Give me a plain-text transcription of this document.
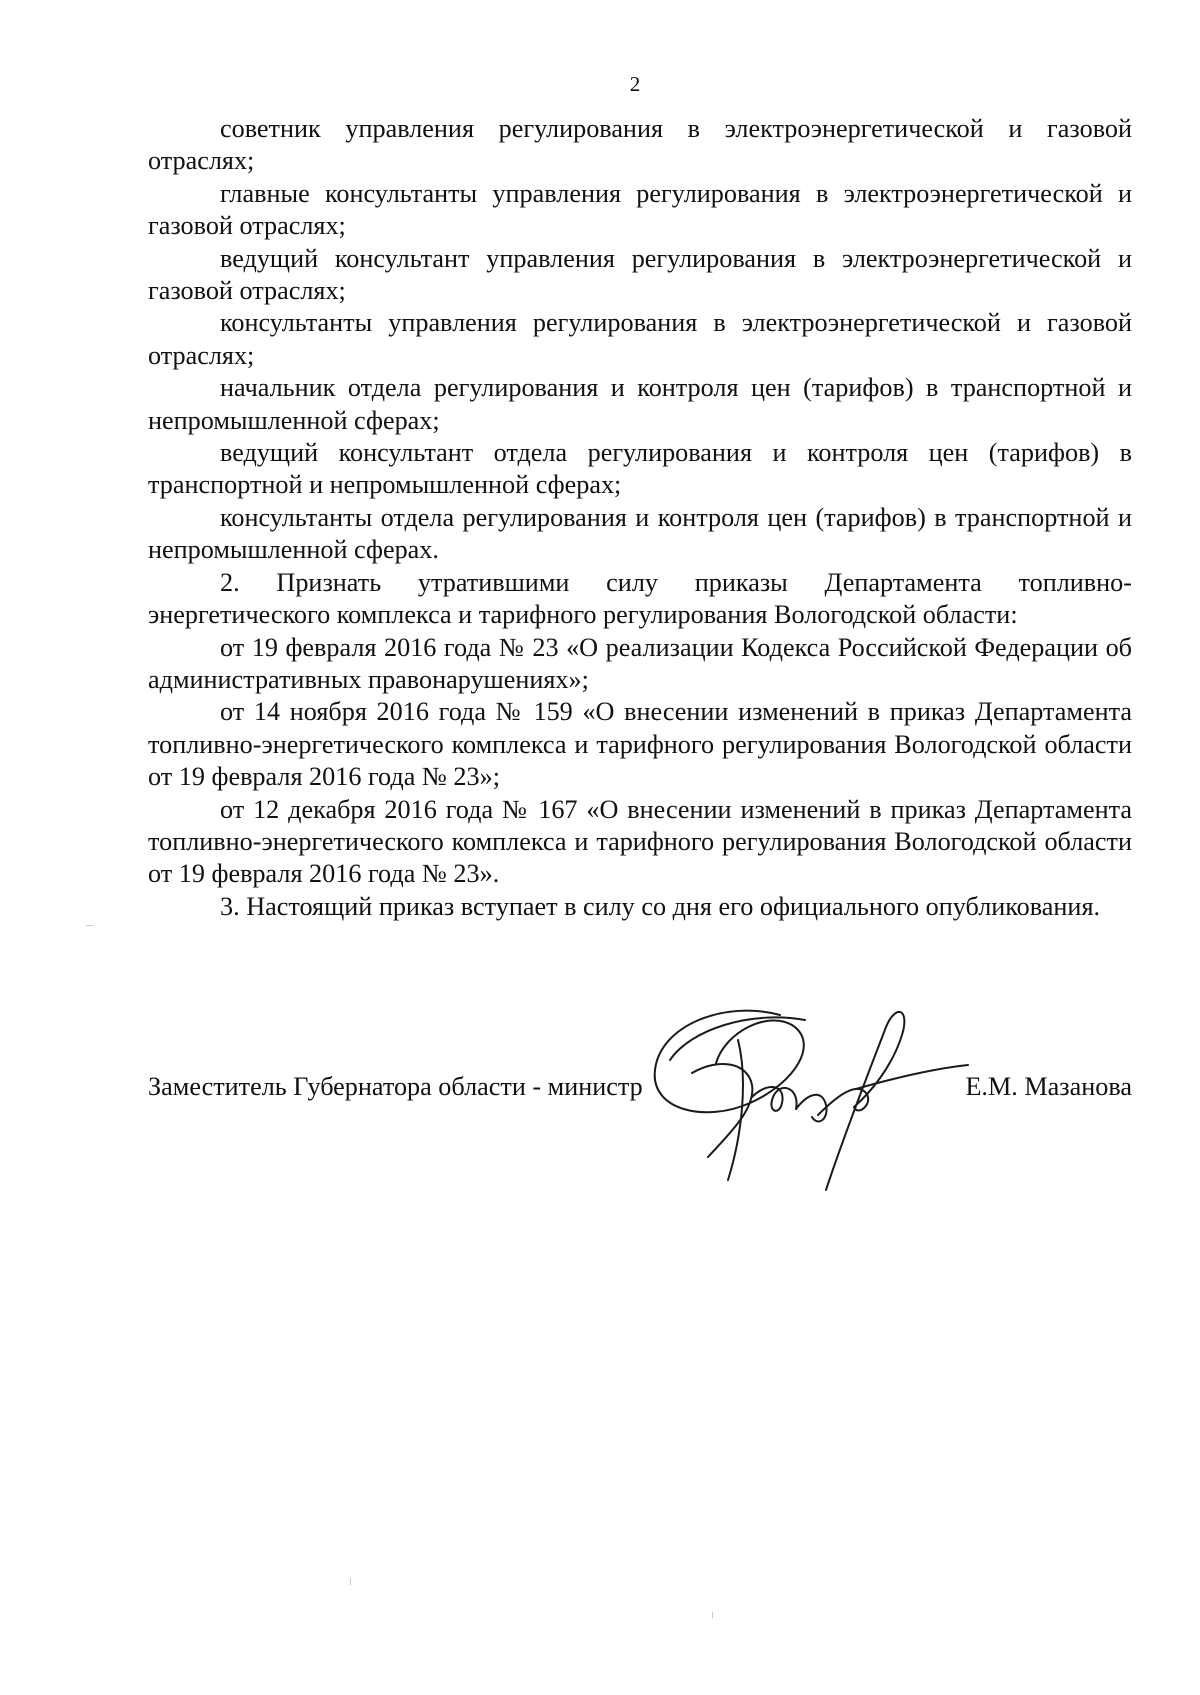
2

советник управления регулирования в электроэнергетической и газовой отраслях;

главные консультанты управления регулирования в электроэнергетической и газовой отраслях;

ведущий консультант управления регулирования в электроэнергетической и газовой отраслях;

консультанты управления регулирования в электроэнергетической и газовой отраслях;

начальник отдела регулирования и контроля цен (тарифов) в транспортной и непромышленной сферах;

ведущий консультант отдела регулирования и контроля цен (тарифов) в транспортной и непромышленной сферах;

консультанты отдела регулирования и контроля цен (тарифов) в транспортной и непромышленной сферах.

2. Признать утратившими силу приказы Департамента топливно-энергетического комплекса и тарифного регулирования Вологодской области:

от 19 февраля 2016 года № 23 «О реализации Кодекса Российской Федерации об административных правонарушениях»;

от 14 ноября 2016 года № 159 «О внесении изменений в приказ Департамента топливно-энергетического комплекса и тарифного регулирования Вологодской области от 19 февраля 2016 года № 23»;

от 12 декабря 2016 года № 167 «О внесении изменений в приказ Департамента топливно-энергетического комплекса и тарифного регулирования Вологодской области от 19 февраля 2016 года № 23».

3. Настоящий приказ вступает в силу со дня его официального опубликования.

Заместитель Губернатора области - министр	Е.М. Мазанова
